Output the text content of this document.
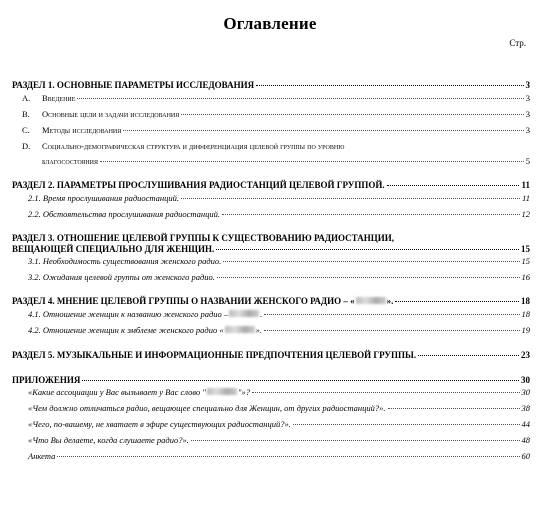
Оглавление
Стр.
РАЗДЕЛ 1. ОСНОВНЫЕ ПАРАМЕТРЫ ИССЛЕДОВАНИЯ	3
A.	Введение	3
B.	Основные цели и задачи исследования	3
C.	Методы исследования	3
D.	Социально-демографическая структура и дифференциация целевой группы по уровню
благосостояния	5
РАЗДЕЛ 2. ПАРАМЕТРЫ ПРОСЛУШИВАНИЯ РАДИОСТАНЦИЙ ЦЕЛЕВОЙ ГРУППОЙ.	11
2.1. Время прослушивания радиостанций.	11
2.2. Обстоятельства прослушивания радиостанций.	12
РАЗДЕЛ 3. ОТНОШЕНИЕ ЦЕЛЕВОЙ ГРУППЫ К СУЩЕСТВОВАНИЮ РАДИОСТАНЦИИ,
ВЕЩАЮЩЕЙ СПЕЦИАЛЬНО ДЛЯ ЖЕНЩИН.	15
3.1. Необходимость существования женского радио.	15
3.2. Ожидания целевой группы от женского радио.	16
РАЗДЕЛ 4. МНЕНИЕ ЦЕЛЕВОЙ ГРУППЫ О НАЗВАНИИ ЖЕНСКОГО РАДИО – «	».	18
4.1. Отношение женщин к названию женского радио –	.	18
4.2. Отношение женщин к эмблеме женского радио «	».	19
РАЗДЕЛ 5. МУЗЫКАЛЬНЫЕ И ИНФОРМАЦИОННЫЕ ПРЕДПОЧТЕНИЯ ЦЕЛЕВОЙ ГРУППЫ.	23
ПРИЛОЖЕНИЯ	30
«Какие ассоциации у Вас вызывает у Вас слово "	"»?	30
«Чем должно отличаться радио, вещающее специально для Женщин, от других радиостанций?».	38
«Чего, по-вашему, не хватает в эфире существующих радиостанций?».	44
«Что Вы делаете, когда слушаете радио?».	48
Анкета	60
